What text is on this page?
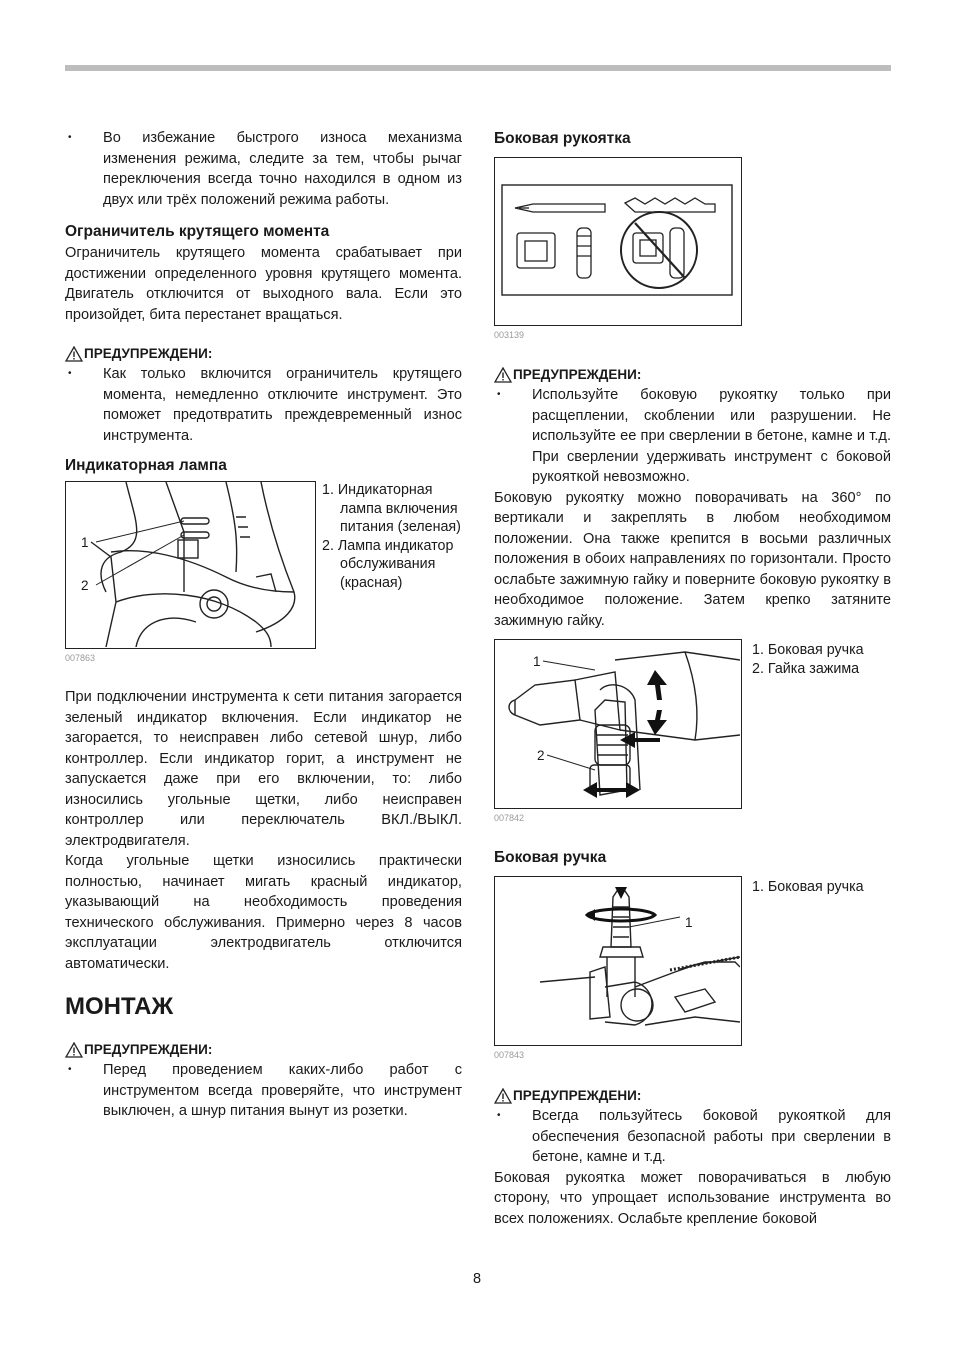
• Во избежание быстрого износа механизма изменения режима, следите за тем, чтобы рычаг переключения всегда точно находился в одном из двух или трёх положений режима работы.
Ограничитель крутящего момента

Ограничитель крутящего момента срабатывает при достижении определенного уровня крутящего момента. Двигатель отключится от выходного вала. Если это произойдет, бита перестанет вращаться.

ПРЕДУПРЕЖДЕНИ:
• Как только включится ограничитель крутящего момента, немедленно отключите инструмент. Это поможет предотвратить преждевременный износ инструмента.
Индикаторная лампа
1
2
007863
1. Индикаторная лампа включения питания (зеленая)
2. Лампа индикатор обслуживания (красная)

При подключении инструмента к сети питания загорается зеленый индикатор включения. Если индикатор не загорается, то неисправен либо сетевой шнур, либо контроллер. Если индикатор горит, а инструмент не запускается даже при его включении, то: либо износились угольные щетки, либо неисправен контроллер или переключатель ВКЛ./ВЫКЛ. электродвигателя.

Когда угольные щетки износились практически полностью, начинает мигать красный индикатор, указывающий на необходимость проведения технического обслуживания. Примерно через 8 часов эксплуатации электродвигатель отключится автоматически.

МОНТАЖ
ПРЕДУПРЕЖДЕНИ:
• Перед проведением каких-либо работ с инструментом всегда проверяйте, что инструмент выключен, а шнур питания вынут из розетки.
Боковая рукоятка
003139
ПРЕДУПРЕЖДЕНИ:
• Используйте боковую рукоятку только при расщеплении, скоблении или разрушении. Не используйте ее при сверлении в бетоне, камне и т.д. При сверлении удерживать инструмент с боковой рукояткой невозможно.

Боковую рукоятку можно поворачивать на 360° по вертикали и закреплять в любом необходимом положении. Она также крепится в восьми различных положения в обоих направлениях по горизонтали. Просто ослабьте зажимную гайку и поверните боковую рукоятку в необходимое положение. Затем крепко затяните зажимную гайку.

1
2
007842
1. Боковая ручка
2. Гайка зажима
Боковая ручка
1
007843
1. Боковая ручка
ПРЕДУПРЕЖДЕНИ:
• Всегда пользуйтесь боковой рукояткой для обеспечения безопасной работы при сверлении в бетоне, камне и т.д.

Боковая рукоятка может поворачиваться в любую сторону, что упрощает использование инструмента во всех положениях. Ослабьте крепление боковой

8
